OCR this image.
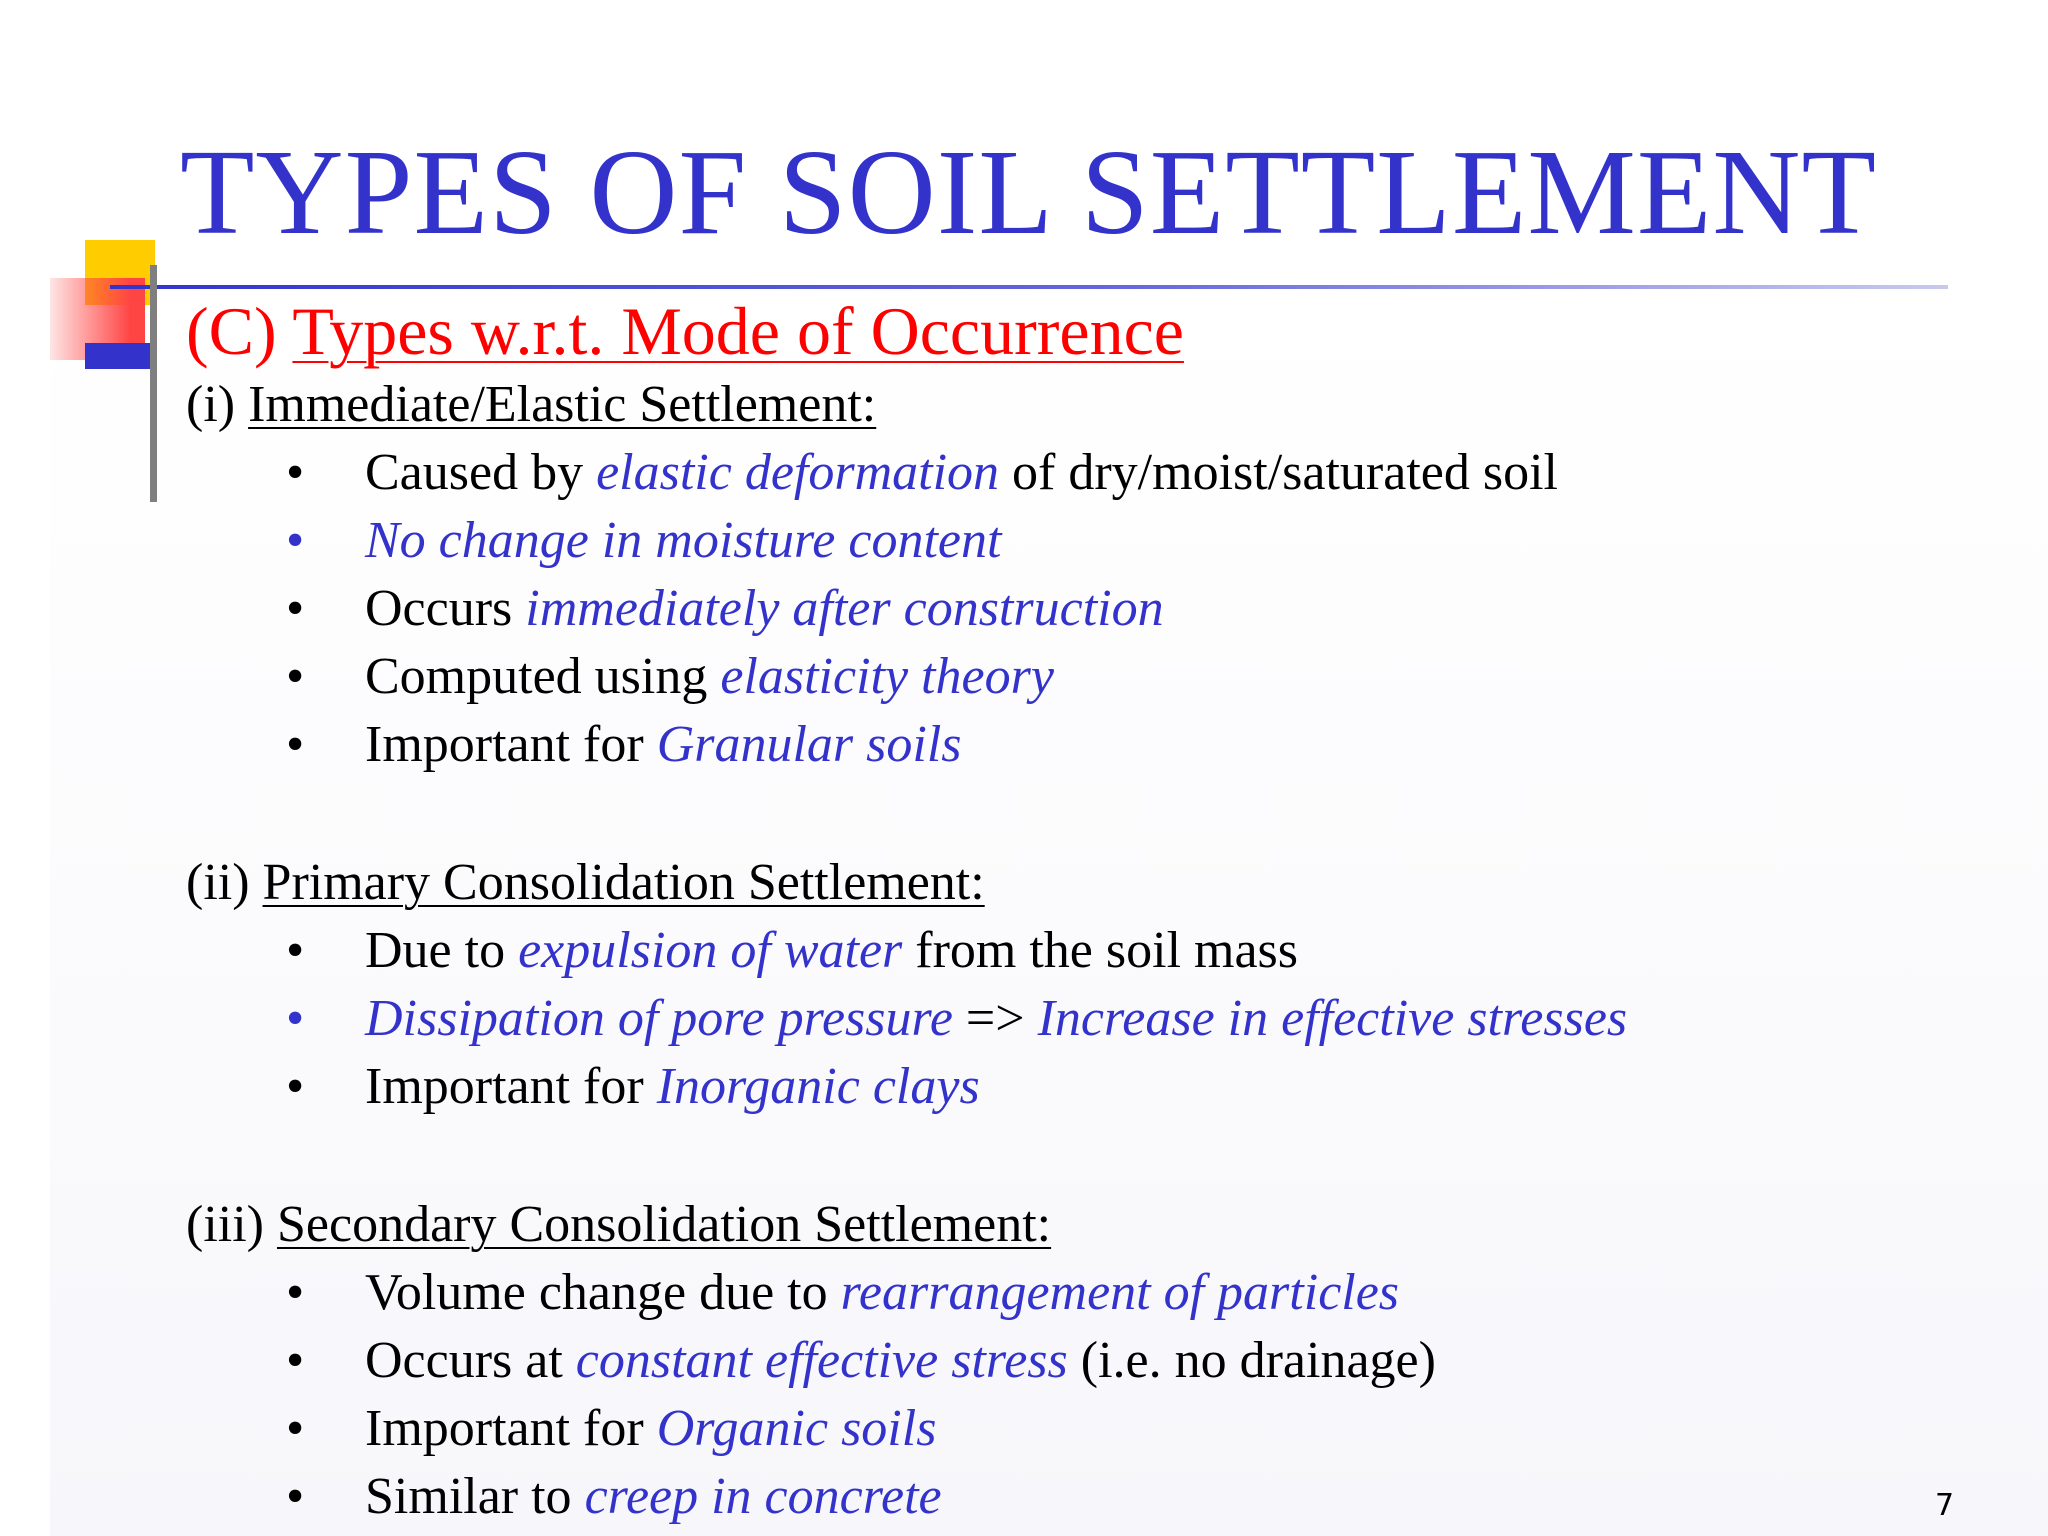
TYPES OF SOIL SETTLEMENT
(C) Types w.r.t. Mode of Occurrence
(i) Immediate/Elastic Settlement:
• Caused by elastic deformation of dry/moist/saturated soil
• No change in moisture content
• Occurs immediately after construction
• Computed using elasticity theory
• Important for Granular soils
(ii) Primary Consolidation Settlement:
• Due to expulsion of water from the soil mass
• Dissipation of pore pressure => Increase in effective stresses
• Important for Inorganic clays
(iii) Secondary Consolidation Settlement:
• Volume change due to rearrangement of particles
• Occurs at constant effective stress (i.e. no drainage)
• Important for Organic soils
• Similar to creep in concrete	7
